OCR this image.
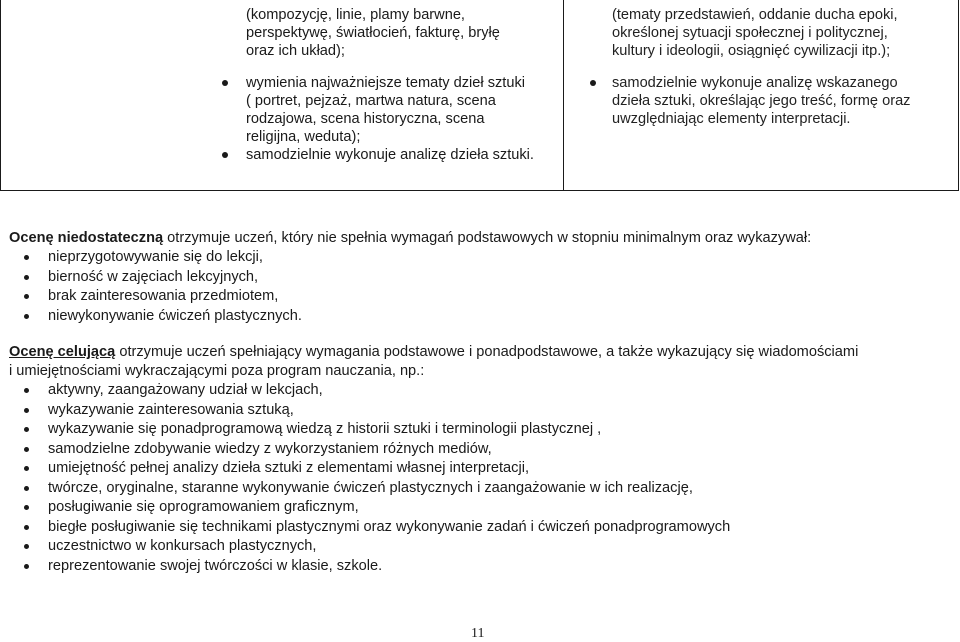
(kompozycję, linie, plamy barwne,

perspektywę, światłocień, fakturę, bryłę

oraz ich układ);

wymienia najważniejsze tematy dzieł sztuki

( portret, pejzaż, martwa natura, scena

rodzajowa, scena historyczna, scena

religijna, weduta);

samodzielnie wykonuje analizę dzieła sztuki.

(tematy przedstawień, oddanie ducha epoki,

określonej sytuacji społecznej i politycznej,

kultury i ideologii, osiągnięć cywilizacji itp.);

samodzielnie wykonuje analizę wskazanego

dzieła sztuki, określając jego treść, formę oraz

uwzględniając elementy interpretacji.

Ocenę niedostateczną otrzymuje uczeń, który nie spełnia wymagań podstawowych w stopniu minimalnym oraz wykazywał:

nieprzygotowywanie się do lekcji,
bierność w zajęciach lekcyjnych,
brak zainteresowania przedmiotem,
niewykonywanie ćwiczeń plastycznych.

Ocenę celującą otrzymuje uczeń spełniający wymagania podstawowe i ponadpodstawowe, a także wykazujący się wiadomościami

i umiejętnościami wykraczającymi poza program nauczania, np.:

aktywny, zaangażowany udział w lekcjach,
wykazywanie zainteresowania sztuką,
wykazywanie się ponadprogramową wiedzą z historii sztuki i terminologii plastycznej ,
samodzielne zdobywanie wiedzy z wykorzystaniem różnych mediów,
umiejętność pełnej analizy dzieła sztuki z elementami własnej interpretacji,
twórcze, oryginalne, staranne wykonywanie ćwiczeń plastycznych i zaangażowanie w ich realizację,
posługiwanie się oprogramowaniem graficznym,
biegłe posługiwanie się technikami plastycznymi oraz wykonywanie zadań i ćwiczeń ponadprogramowych
uczestnictwo w konkursach plastycznych,
reprezentowanie swojej twórczości w klasie, szkole.
11
